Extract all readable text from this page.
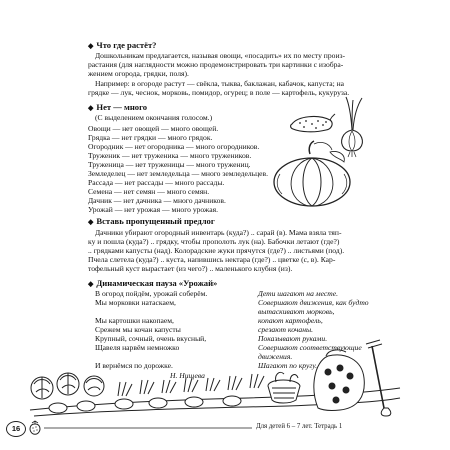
◆ Что где растёт?
Дошкольникам предлагается, называя овощи, «посадить» их по месту произ-
растания (для наглядности можно продемонстрировать три картинки с изобра-
жением огорода, грядки, поля).
Например: в огороде растут — свёкла, тыква, баклажан, кабачок, капуста; на
грядке — лук, чеснок, морковь, помидор, огурец; в поле — картофель, кукуруза.
◆ Нет — много
(С выделением окончания голосом.)
Овощи — нет овощей — много овощей.
Грядка — нет грядки — много грядок.
Огородник — нет огородника — много огородников.
Труженик — нет труженика — много тружеников.
Труженица — нет труженицы — много тружениц.
Земледелец — нет земледельца — много земледельцев.
Рассада — нет рассады — много рассады.
Семена — нет семян — много семян.
Дачник — нет дачника — много дачников.
Урожай — нет урожая — много урожая.
◆ Вставь пропущенный предлог
Дачники убирают огородный инвентарь (куда?) .. сарай (в). Мама взяла тяп-
ку и пошла (куда?) .. грядку, чтобы прополоть лук (на). Бабочки летают (где?)
.. грядками капусты (над). Колорадские жуки прячутся (где?) .. листьями (под).
Пчела слетела (куда?) .. куста, напившись нектара (где?) .. цветке (с, в). Кар-
тофельный куст вырастает (из чего?) .. маленького клубня (из).
◆ Динамическая пауза «Урожай»
В огород пойдём, урожай соберём.
Мы морковки натаскаем,
Мы картошки накопаем,
Срежем мы кочан капусты
Крупный, сочный, очень вкусный,
Щавеля нарвём немножко
И вернёмся по дорожке.
Н. Нищева
Дети шагают на месте.
Совершают движения, как будто
вытаскивают морковь,
копают картофель,
срезают кочаны.
Показывают руками.
Совершают соответствующие
движения.
Шагают по кругу.
16	Для детей 6 – 7 лет. Тетрадь 1
